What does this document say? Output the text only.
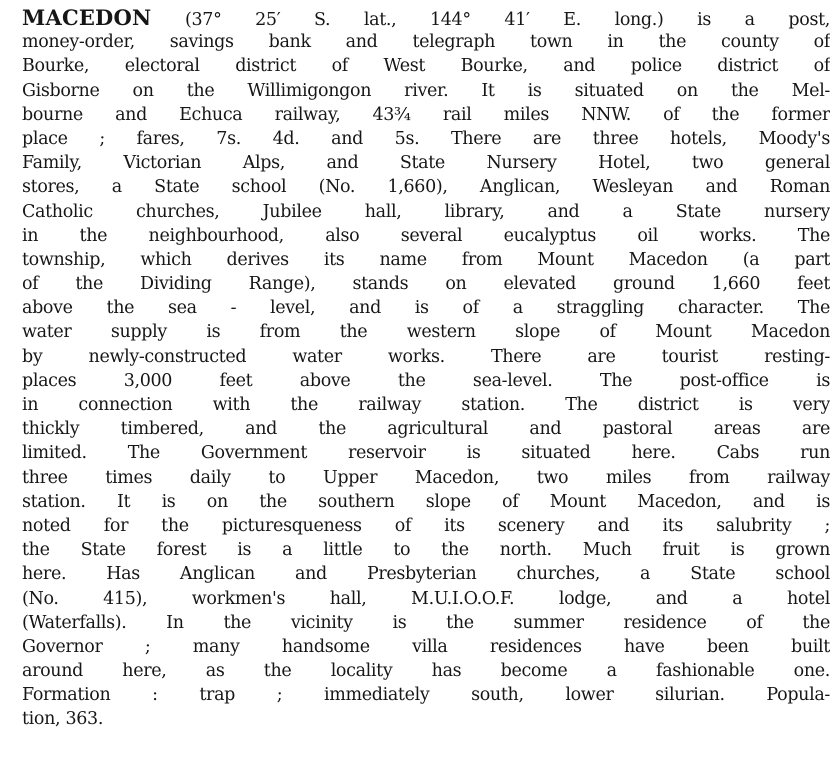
MACEDON (37° 25′ S. lat., 144° 41′ E. long.) is a post,
money-order, savings bank and telegraph town in the county of
Bourke, electoral district of West Bourke, and police district of
Gisborne on the Willimigongon river. It is situated on the Mel-
bourne and Echuca railway, 43¾ rail miles NNW. of the former
place ; fares, 7s. 4d. and 5s. There are three hotels, Moody's
Family, Victorian Alps, and State Nursery Hotel, two general
stores, a State school (No. 1,660), Anglican, Wesleyan and Roman
Catholic churches, Jubilee hall, library, and a State nursery
in the neighbourhood, also several eucalyptus oil works. The
township, which derives its name from Mount Macedon (a part
of the Dividing Range), stands on elevated ground 1,660 feet
above the sea - level, and is of a straggling character. The
water supply is from the western slope of Mount Macedon
by newly-constructed water works. There are tourist resting-
places 3,000 feet above the sea-level. The post-office is
in connection with the railway station. The district is very
thickly timbered, and the agricultural and pastoral areas are
limited. The Government reservoir is situated here. Cabs run
three times daily to Upper Macedon, two miles from railway
station. It is on the southern slope of Mount Macedon, and is
noted for the picturesqueness of its scenery and its salubrity ;
the State forest is a little to the north. Much fruit is grown
here. Has Anglican and Presbyterian churches, a State school
(No. 415), workmen's hall, M.U.I.O.O.F. lodge, and a hotel
(Waterfalls). In the vicinity is the summer residence of the
Governor ; many handsome villa residences have been built
around here, as the locality has become a fashionable one.
Formation : trap ; immediately south, lower silurian. Popula-
tion, 363.
